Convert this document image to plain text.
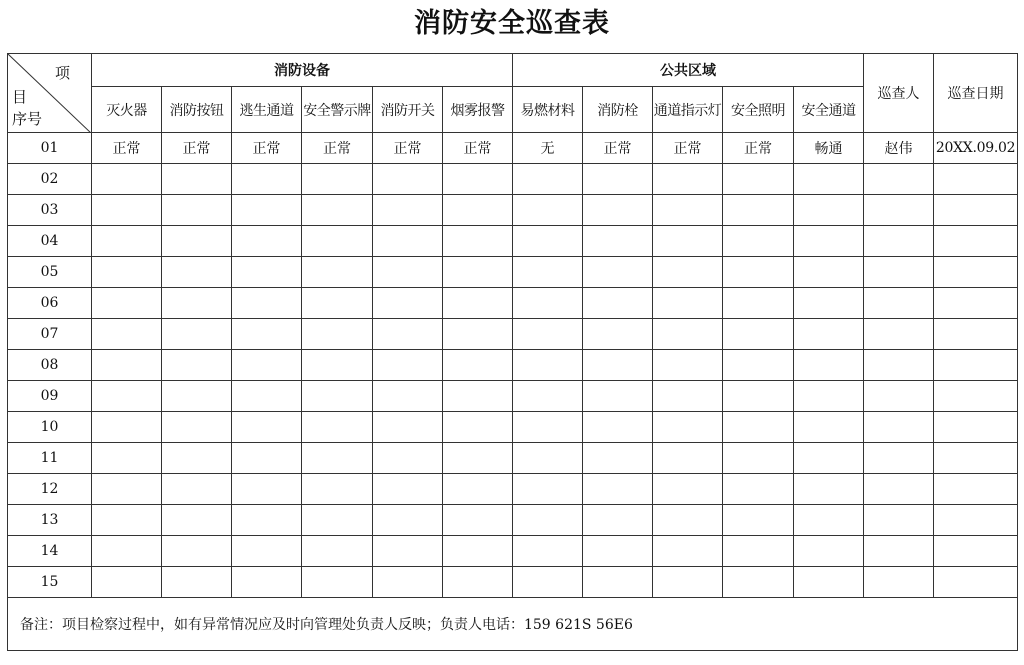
消防安全巡查表
项
目
序号	消防设备						公共区域					巡查人	巡查日期
	灭火器	消防按钮	逃生通道	安全警示牌	消防开关	烟雾报警	易燃材料	消防栓	通道指示灯	安全照明	安全通道		
01	正常	正常	正常	正常	正常	正常	无	正常	正常	正常	畅通	赵伟	20XX.09.02
02													
03													
04													
05													
06													
07													
08													
09													
10													
11													
12													
13													
14													
15													
备注：项目检察过程中，如有异常情况应及时向管理处负责人反映；负责人电话：159 621S 56E6													
